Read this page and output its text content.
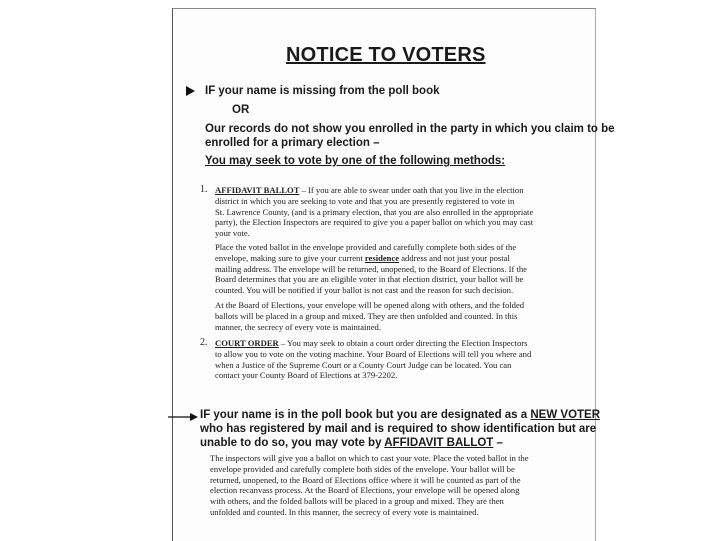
NOTICE TO VOTERS
IF your name is missing from the poll book
OR
Our records do not show you enrolled in the party in which you claim to be
enrolled for a primary election –
You may seek to vote by one of the following methods:
1. AFFIDAVIT BALLOT – If you are able to swear under oath that you live in the election
district in which you are seeking to vote and that you are presently registered to vote in
St. Lawrence County, (and is a primary election, that you are also enrolled in the appropriate
party), the Election Inspectors are required to give you a paper ballot on which you may cast
your vote.
Place the voted ballot in the envelope provided and carefully complete both sides of the
envelope, making sure to give your current residence address and not just your postal
mailing address. The envelope will be returned, unopened, to the Board of Elections. If the
Board determines that you are an eligible voter in that election district, your ballot will be
counted. You will be notified if your ballot is not cast and the reason for such decision.
At the Board of Elections, your envelope will be opened along with others, and the folded
ballots will be placed in a group and mixed. They are then unfolded and counted. In this
manner, the secrecy of every vote is maintained.
2. COURT ORDER – You may seek to obtain a court order directing the Election Inspectors
to allow you to vote on the voting machine. Your Board of Elections will tell you where and
when a Justice of the Supreme Court or a County Court Judge can be located. You can
contact your County Board of Elections at 379-2202.
IF your name is in the poll book but you are designated as a NEW VOTER
who has registered by mail and is required to show identification but are
unable to do so, you may vote by AFFIDAVIT BALLOT –
The inspectors will give you a ballot on which to cast your vote. Place the voted ballot in the
envelope provided and carefully complete both sides of the envelope. Your ballot will be
returned, unopened, to the Board of Elections office where it will be counted as part of the
election recanvass process. At the Board of Elections, your envelope will be opened along
with others, and the folded ballots will be placed in a group and mixed. They are then
unfolded and counted. In this manner, the secrecy of every vote is maintained.
